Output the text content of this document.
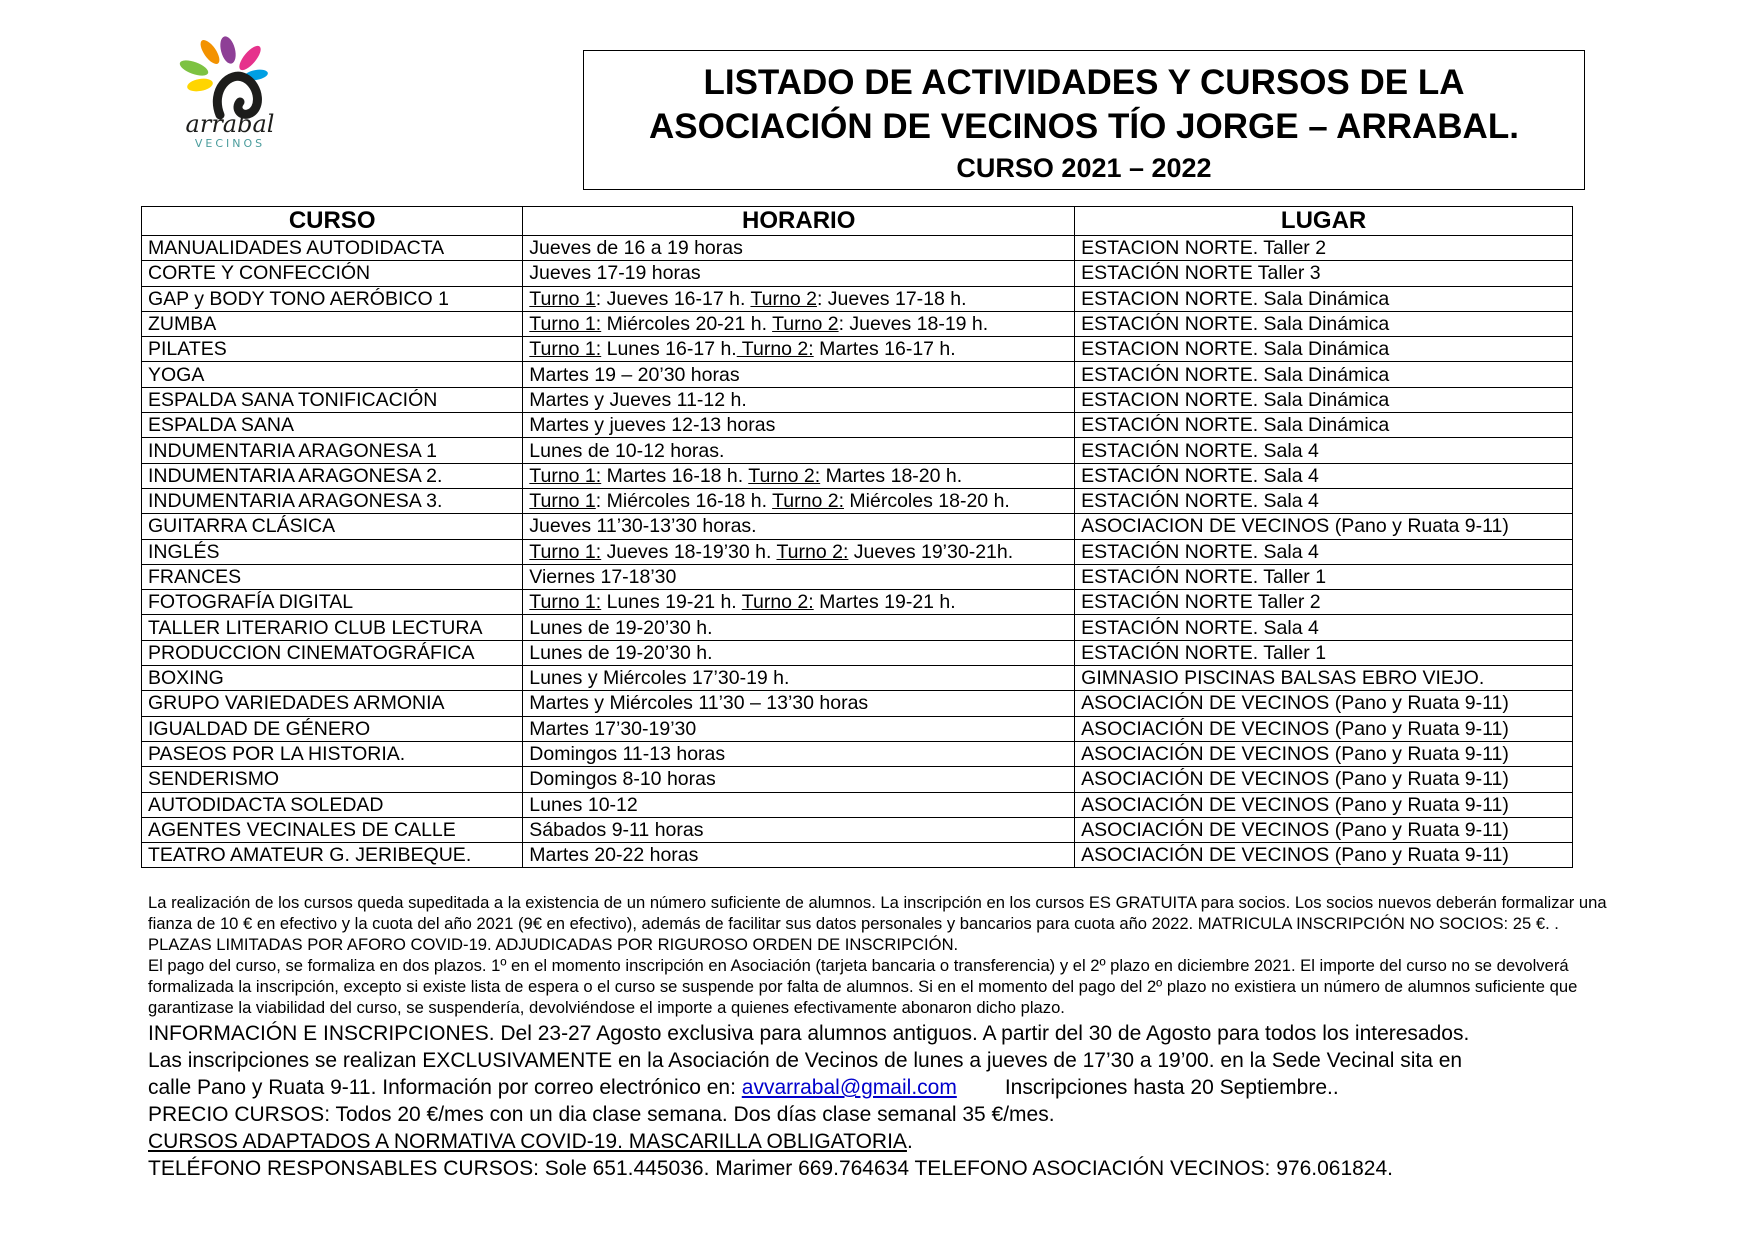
arrabal
VECINOS
LISTADO DE ACTIVIDADES Y CURSOS DE LA
ASOCIACIÓN DE VECINOS TÍO JORGE – ARRABAL.
CURSO 2021 – 2022
CURSO	HORARIO	LUGAR
MANUALIDADES AUTODIDACTA	Jueves de 16 a 19 horas	ESTACION NORTE. Taller 2
CORTE Y CONFECCIÓN	Jueves 17-19 horas	ESTACIÓN NORTE Taller 3
GAP y BODY TONO AERÓBICO 1	Turno 1: Jueves 16-17 h. Turno 2: Jueves 17-18 h.	ESTACION NORTE. Sala Dinámica
ZUMBA	Turno 1: Miércoles 20-21 h. Turno 2: Jueves 18-19 h.	ESTACIÓN NORTE. Sala Dinámica
PILATES	Turno 1: Lunes 16-17 h. Turno 2: Martes 16-17 h.	ESTACION NORTE. Sala Dinámica
YOGA	Martes 19 – 20’30 horas	ESTACIÓN NORTE. Sala Dinámica
ESPALDA SANA TONIFICACIÓN	Martes y Jueves 11-12 h.	ESTACION NORTE. Sala Dinámica
ESPALDA SANA	Martes y jueves 12-13 horas	ESTACIÓN NORTE. Sala Dinámica
INDUMENTARIA ARAGONESA 1	Lunes de 10-12 horas.	ESTACIÓN NORTE. Sala 4
INDUMENTARIA ARAGONESA 2.	Turno 1: Martes 16-18 h. Turno 2: Martes 18-20 h.	ESTACIÓN NORTE. Sala 4
INDUMENTARIA ARAGONESA 3.	Turno 1: Miércoles 16-18 h. Turno 2: Miércoles 18-20 h.	ESTACIÓN NORTE. Sala 4
GUITARRA CLÁSICA	Jueves 11’30-13’30 horas.	ASOCIACION DE VECINOS (Pano y Ruata 9-11)
INGLÉS	Turno 1: Jueves 18-19’30 h. Turno 2: Jueves 19’30-21h.	ESTACIÓN NORTE. Sala 4
FRANCES	Viernes 17-18’30	ESTACIÓN NORTE. Taller 1
FOTOGRAFÍA DIGITAL	Turno 1: Lunes 19-21 h. Turno 2: Martes 19-21 h.	ESTACIÓN NORTE Taller 2
TALLER LITERARIO CLUB LECTURA	Lunes de 19-20’30 h.	ESTACIÓN NORTE. Sala 4
PRODUCCION CINEMATOGRÁFICA	Lunes de 19-20’30 h.	ESTACIÓN NORTE. Taller 1
BOXING	Lunes y Miércoles 17’30-19 h.	GIMNASIO PISCINAS BALSAS EBRO VIEJO.
GRUPO VARIEDADES ARMONIA	Martes y Miércoles 11’30 – 13’30 horas	ASOCIACIÓN DE VECINOS (Pano y Ruata 9-11)
IGUALDAD DE GÉNERO	Martes 17’30-19’30	ASOCIACIÓN DE VECINOS (Pano y Ruata 9-11)
PASEOS POR LA HISTORIA.	Domingos 11-13 horas	ASOCIACIÓN DE VECINOS (Pano y Ruata 9-11)
SENDERISMO	Domingos 8-10 horas	ASOCIACIÓN DE VECINOS (Pano y Ruata 9-11)
AUTODIDACTA SOLEDAD	Lunes 10-12	ASOCIACIÓN DE VECINOS (Pano y Ruata 9-11)
AGENTES VECINALES DE CALLE	Sábados 9-11 horas	ASOCIACIÓN DE VECINOS (Pano y Ruata 9-11)
TEATRO AMATEUR G. JERIBEQUE.	Martes 20-22 horas	ASOCIACIÓN DE VECINOS (Pano y Ruata 9-11)

La realización de los cursos queda supeditada a la existencia de un número suficiente de alumnos. La inscripción en los cursos ES GRATUITA para socios. Los socios nuevos deberán formalizar una fianza de 10 € en efectivo y la cuota del año 2021 (9€ en efectivo), además de facilitar sus datos personales y bancarios para cuota año 2022. MATRICULA INSCRIPCIÓN NO SOCIOS: 25 €. . PLAZAS LIMITADAS POR AFORO COVID-19. ADJUDICADAS POR RIGUROSO ORDEN DE INSCRIPCIÓN.

El pago del curso, se formaliza en dos plazos. 1º en el momento inscripción en Asociación (tarjeta bancaria o transferencia) y el 2º plazo en diciembre 2021. El importe del curso no se devolverá formalizada la inscripción, excepto si existe lista de espera o el curso se suspende por falta de alumnos. Si en el momento del pago del 2º plazo no existiera un número de alumnos suficiente que garantizase la viabilidad del curso, se suspendería, devolviéndose el importe a quienes efectivamente abonaron dicho plazo.

INFORMACIÓN E INSCRIPCIONES. Del 23-27 Agosto exclusiva para alumnos antiguos. A partir del 30 de Agosto para todos los interesados.

Las inscripciones se realizan EXCLUSIVAMENTE en la Asociación de Vecinos de lunes a jueves de 17’30 a 19’00. en la Sede Vecinal sita en

calle Pano y Ruata 9-11. Información por correo electrónico en: avvarrabal@gmail.com Inscripciones hasta 20 Septiembre..

PRECIO CURSOS: Todos 20 €/mes con un dia clase semana. Dos días clase semanal 35 €/mes.

CURSOS ADAPTADOS A NORMATIVA COVID-19. MASCARILLA OBLIGATORIA.

TELÉFONO RESPONSABLES CURSOS: Sole 651.445036. Marimer 669.764634 TELEFONO ASOCIACIÓN VECINOS: 976.061824.
